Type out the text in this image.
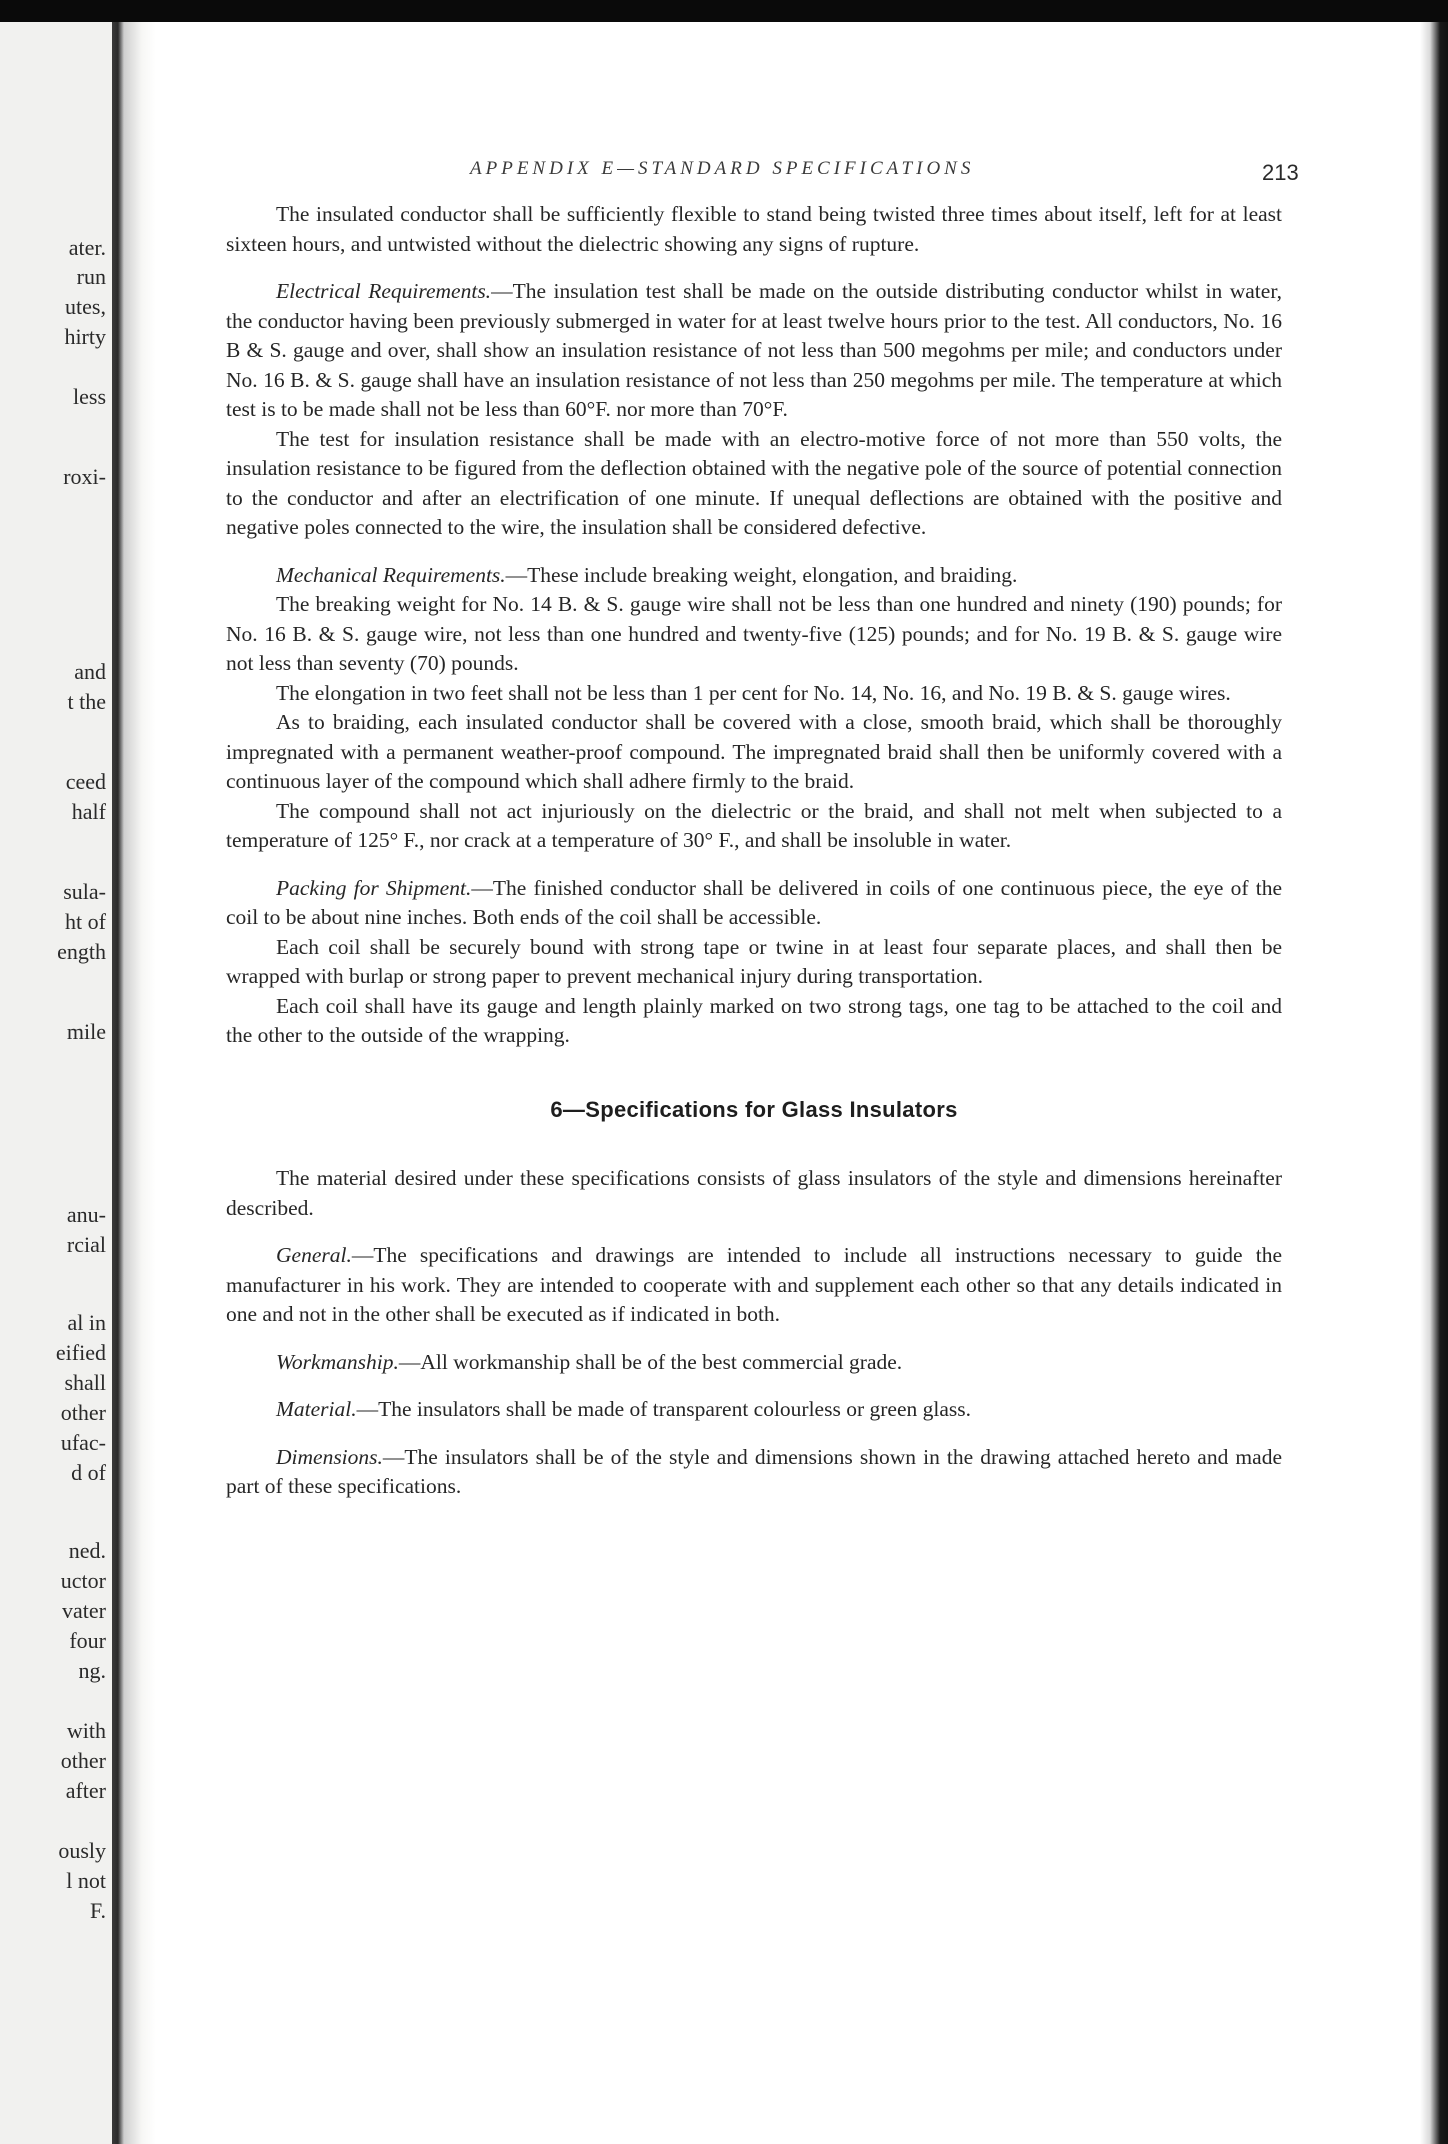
ater.
run
utes,
hirty
less
roxi-
and
t the
ceed
half
sula-
ht of
ength
mile
anu-
rcial
al in
eified
shall
other
ufac-
d of
ned.
uctor
vater
four
ng.
with
other
after
ously
l not
F.
APPENDIX E—STANDARD SPECIFICATIONS	213

The insulated conductor shall be sufficiently flexible to stand being twisted three times about itself, left for at least sixteen hours, and untwisted without the dielectric showing any signs of rupture.

Electrical Requirements.—The insulation test shall be made on the outside distributing conductor whilst in water, the conductor having been previously submerged in water for at least twelve hours prior to the test. All conductors, No. 16 B & S. gauge and over, shall show an insulation resistance of not less than 500 megohms per mile; and conductors under No. 16 B. & S. gauge shall have an insulation resistance of not less than 250 megohms per mile. The temperature at which test is to be made shall not be less than 60°F. nor more than 70°F.

The test for insulation resistance shall be made with an electro-motive force of not more than 550 volts, the insulation resistance to be figured from the deflection obtained with the negative pole of the source of potential connection to the conductor and after an electrification of one minute. If unequal deflections are obtained with the positive and negative poles connected to the wire, the insulation shall be considered defective.

Mechanical Requirements.—These include breaking weight, elongation, and braiding.

The breaking weight for No. 14 B. & S. gauge wire shall not be less than one hundred and ninety (190) pounds; for No. 16 B. & S. gauge wire, not less than one hundred and twenty-five (125) pounds; and for No. 19 B. & S. gauge wire not less than seventy (70) pounds.

The elongation in two feet shall not be less than 1 per cent for No. 14, No. 16, and No. 19 B. & S. gauge wires.

As to braiding, each insulated conductor shall be covered with a close, smooth braid, which shall be thoroughly impregnated with a permanent weather-proof compound. The impregnated braid shall then be uniformly covered with a continuous layer of the compound which shall adhere firmly to the braid.

The compound shall not act injuriously on the dielectric or the braid, and shall not melt when subjected to a temperature of 125° F., nor crack at a temperature of 30° F., and shall be insoluble in water.

Packing for Shipment.—The finished conductor shall be delivered in coils of one continuous piece, the eye of the coil to be about nine inches. Both ends of the coil shall be accessible.

Each coil shall be securely bound with strong tape or twine in at least four separate places, and shall then be wrapped with burlap or strong paper to prevent mechanical injury during transportation.

Each coil shall have its gauge and length plainly marked on two strong tags, one tag to be attached to the coil and the other to the outside of the wrapping.

6—Specifications for Glass Insulators

The material desired under these specifications consists of glass insulators of the style and dimensions hereinafter described.

General.—The specifications and drawings are intended to include all instructions necessary to guide the manufacturer in his work. They are intended to cooperate with and supplement each other so that any details indicated in one and not in the other shall be executed as if indicated in both.

Workmanship.—All workmanship shall be of the best commercial grade.

Material.—The insulators shall be made of transparent colourless or green glass.

Dimensions.—The insulators shall be of the style and dimensions shown in the drawing attached hereto and made part of these specifications.
